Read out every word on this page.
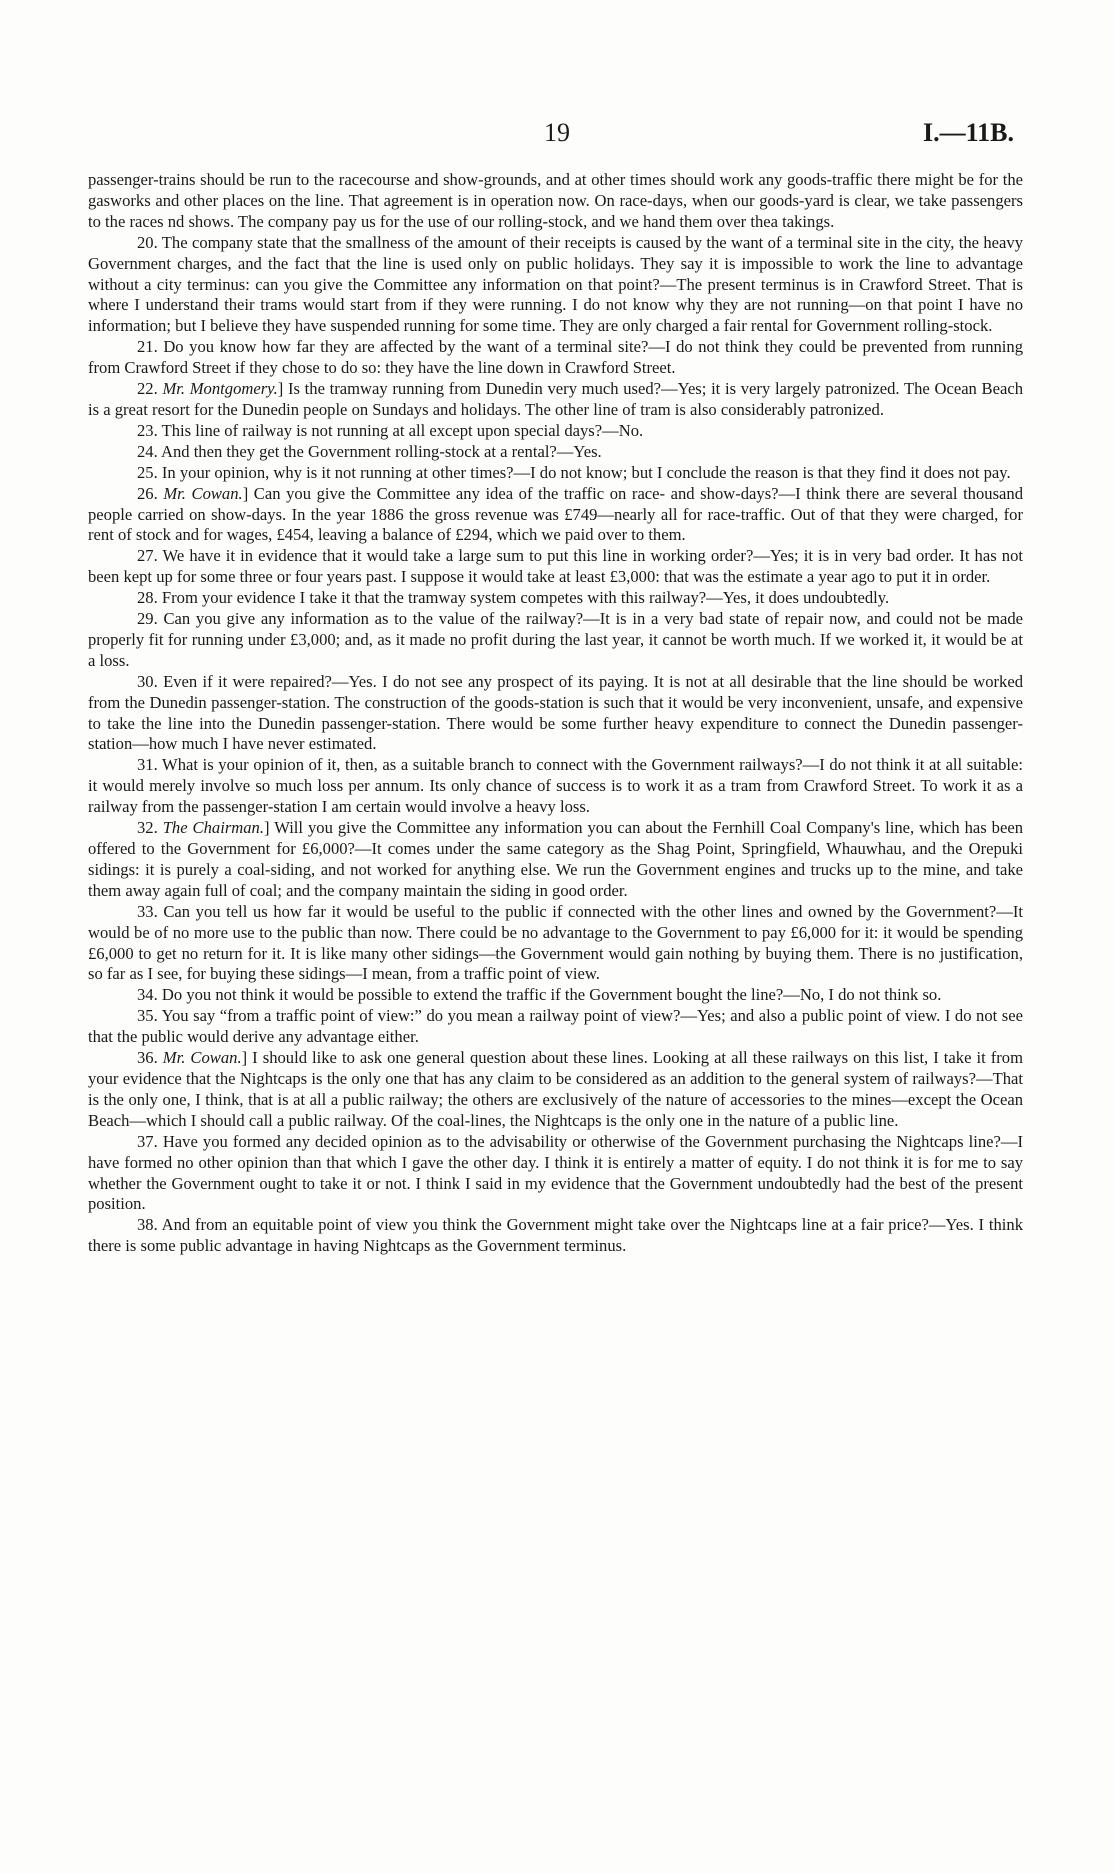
19	I.—11B.

passenger-trains should be run to the racecourse and show-grounds, and at other times should work any goods-traffic there might be for the gasworks and other places on the line. That agreement is in operation now. On race-days, when our goods-yard is clear, we take passengers to the races nd shows. The company pay us for the use of our rolling-stock, and we hand them over thea takings.

20. The company state that the smallness of the amount of their receipts is caused by the want of a terminal site in the city, the heavy Government charges, and the fact that the line is used only on public holidays. They say it is impossible to work the line to advantage without a city terminus: can you give the Committee any information on that point?—The present terminus is in Crawford Street. That is where I understand their trams would start from if they were running. I do not know why they are not running—on that point I have no information; but I believe they have suspended running for some time. They are only charged a fair rental for Government rolling-stock.

21. Do you know how far they are affected by the want of a terminal site?—I do not think they could be prevented from running from Crawford Street if they chose to do so: they have the line down in Crawford Street.

22. Mr. Montgomery.] Is the tramway running from Dunedin very much used?—Yes; it is very largely patronized. The Ocean Beach is a great resort for the Dunedin people on Sundays and holidays. The other line of tram is also considerably patronized.

23. This line of railway is not running at all except upon special days?—No.

24. And then they get the Government rolling-stock at a rental?—Yes.

25. In your opinion, why is it not running at other times?—I do not know; but I conclude the reason is that they find it does not pay.

26. Mr. Cowan.] Can you give the Committee any idea of the traffic on race- and show-days?—I think there are several thousand people carried on show-days. In the year 1886 the gross revenue was £749—nearly all for race-traffic. Out of that they were charged, for rent of stock and for wages, £454, leaving a balance of £294, which we paid over to them.

27. We have it in evidence that it would take a large sum to put this line in working order?—Yes; it is in very bad order. It has not been kept up for some three or four years past. I suppose it would take at least £3,000: that was the estimate a year ago to put it in order.

28. From your evidence I take it that the tramway system competes with this railway?—Yes, it does undoubtedly.

29. Can you give any information as to the value of the railway?—It is in a very bad state of repair now, and could not be made properly fit for running under £3,000; and, as it made no profit during the last year, it cannot be worth much. If we worked it, it would be at a loss.

30. Even if it were repaired?—Yes. I do not see any prospect of its paying. It is not at all desirable that the line should be worked from the Dunedin passenger-station. The construction of the goods-station is such that it would be very inconvenient, unsafe, and expensive to take the line into the Dunedin passenger-station. There would be some further heavy expenditure to connect the Dunedin passenger-station—how much I have never estimated.

31. What is your opinion of it, then, as a suitable branch to connect with the Government railways?—I do not think it at all suitable: it would merely involve so much loss per annum. Its only chance of success is to work it as a tram from Crawford Street. To work it as a railway from the passenger-station I am certain would involve a heavy loss.

32. The Chairman.] Will you give the Committee any information you can about the Fernhill Coal Company's line, which has been offered to the Government for £6,000?—It comes under the same category as the Shag Point, Springfield, Whauwhau, and the Orepuki sidings: it is purely a coal-siding, and not worked for anything else. We run the Government engines and trucks up to the mine, and take them away again full of coal; and the company maintain the siding in good order.

33. Can you tell us how far it would be useful to the public if connected with the other lines and owned by the Government?—It would be of no more use to the public than now. There could be no advantage to the Government to pay £6,000 for it: it would be spending £6,000 to get no return for it. It is like many other sidings—the Government would gain nothing by buying them. There is no justification, so far as I see, for buying these sidings—I mean, from a traffic point of view.

34. Do you not think it would be possible to extend the traffic if the Government bought the line?—No, I do not think so.

35. You say “from a traffic point of view:” do you mean a railway point of view?—Yes; and also a public point of view. I do not see that the public would derive any advantage either.

36. Mr. Cowan.] I should like to ask one general question about these lines. Looking at all these railways on this list, I take it from your evidence that the Nightcaps is the only one that has any claim to be considered as an addition to the general system of railways?—That is the only one, I think, that is at all a public railway; the others are exclusively of the nature of accessories to the mines—except the Ocean Beach—which I should call a public railway. Of the coal-lines, the Nightcaps is the only one in the nature of a public line.

37. Have you formed any decided opinion as to the advisability or otherwise of the Government purchasing the Nightcaps line?—I have formed no other opinion than that which I gave the other day. I think it is entirely a matter of equity. I do not think it is for me to say whether the Government ought to take it or not. I think I said in my evidence that the Government undoubtedly had the best of the present position.

38. And from an equitable point of view you think the Government might take over the Nightcaps line at a fair price?—Yes. I think there is some public advantage in having Nightcaps as the Government terminus.
